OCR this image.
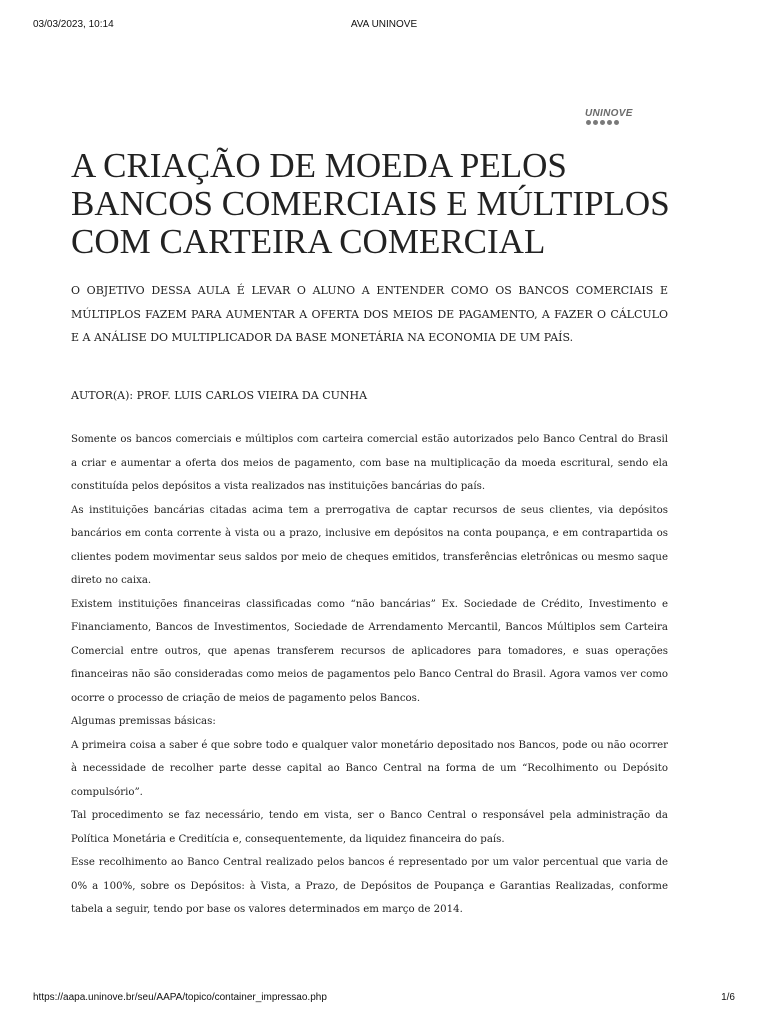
03/03/2023, 10:14	AVA UNINOVE
UNINOVE
A CRIAÇÃO DE MOEDA PELOS BANCOS COMERCIAIS E MÚLTIPLOS COM CARTEIRA COMERCIAL

O OBJETIVO DESSA AULA É LEVAR O ALUNO A ENTENDER COMO OS BANCOS COMERCIAIS E MÚLTIPLOS FAZEM PARA AUMENTAR A OFERTA DOS MEIOS DE PAGAMENTO, A FAZER O CÁLCULO E A ANÁLISE DO MULTIPLICADOR DA BASE MONETÁRIA NA ECONOMIA DE UM PAÍS.

AUTOR(A): PROF. LUIS CARLOS VIEIRA DA CUNHA

Somente os bancos comerciais e múltiplos com carteira comercial estão autorizados pelo Banco Central do Brasil a criar e aumentar a oferta dos meios de pagamento, com base na multiplicação da moeda escritural, sendo ela constituída pelos depósitos a vista realizados nas instituições bancárias do país.

As instituições bancárias citadas acima tem a prerrogativa de captar recursos de seus clientes, via depósitos bancários em conta corrente à vista ou a prazo, inclusive em depósitos na conta poupança, e em contrapartida os clientes podem movimentar seus saldos por meio de cheques emitidos, transferências eletrônicas ou mesmo saque direto no caixa.

Existem instituições financeiras classificadas como “não bancárias” Ex. Sociedade de Crédito, Investimento e Financiamento, Bancos de Investimentos, Sociedade de Arrendamento Mercantil, Bancos Múltiplos sem Carteira Comercial entre outros, que apenas transferem recursos de aplicadores para tomadores, e suas operações financeiras não são consideradas como meios de pagamentos pelo Banco Central do Brasil. Agora vamos ver como ocorre o processo de criação de meios de pagamento pelos Bancos.

Algumas premissas básicas:

A primeira coisa a saber é que sobre todo e qualquer valor monetário depositado nos Bancos, pode ou não ocorrer à necessidade de recolher parte desse capital ao Banco Central na forma de um “Recolhimento ou Depósito compulsório”.

Tal procedimento se faz necessário, tendo em vista, ser o Banco Central o responsável pela administração da Política Monetária e Creditícia e, consequentemente, da liquidez financeira do país.

Esse recolhimento ao Banco Central realizado pelos bancos é representado por um valor percentual que varia de 0% a 100%, sobre os Depósitos: à Vista, a Prazo, de Depósitos de Poupança e Garantias Realizadas, conforme tabela a seguir, tendo por base os valores determinados em março de 2014.

https://aapa.uninove.br/seu/AAPA/topico/container_impressao.php	1/6
